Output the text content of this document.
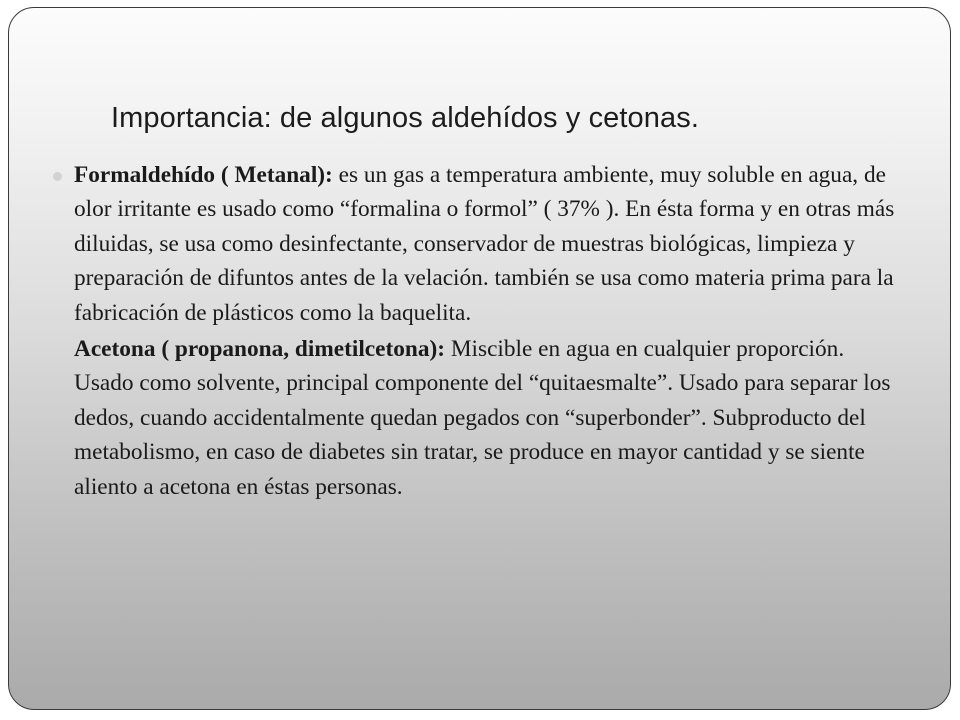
Importancia: de algunos aldehídos y cetonas.

Formaldehído ( Metanal): es un gas a temperatura ambiente, muy soluble en agua, de olor irritante es usado como “formalina o formol” ( 37% ). En ésta forma y en otras más diluidas, se usa como desinfectante, conservador de muestras biológicas, limpieza y preparación de difuntos antes de la velación. también se usa como materia prima para la fabricación de plásticos como la baquelita.

Acetona ( propanona, dimetilcetona): Miscible en agua en cualquier proporción. Usado como solvente, principal componente del “quitaesmalte”. Usado para separar los dedos, cuando accidentalmente quedan pegados con “superbonder”. Subproducto del metabolismo, en caso de diabetes sin tratar, se produce en mayor cantidad y se siente aliento a acetona en éstas personas.
